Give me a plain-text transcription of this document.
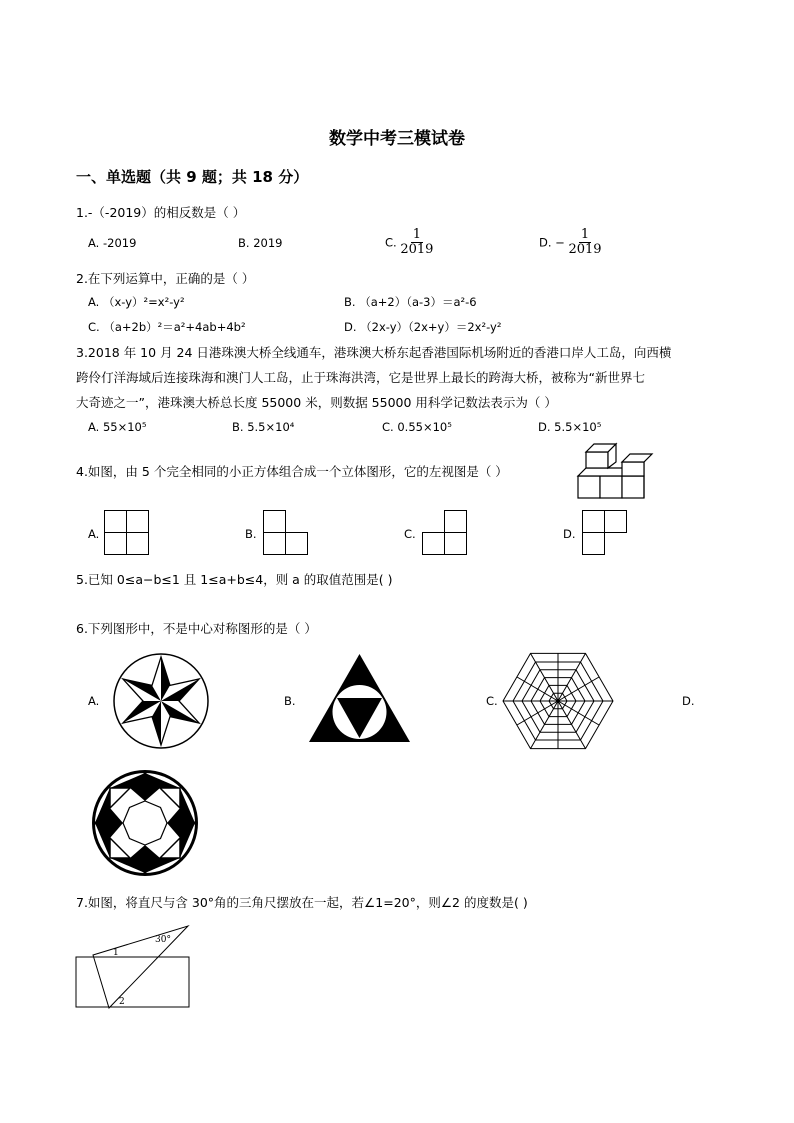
数学中考三模试卷
一、单选题（共 9 题；共 18 分）
1.-（-2019）的相反数是（ ）
A. -2019	B. 2019	C. $\frac{1}{2019}$	D. − $\frac{1}{2019}$
2.在下列运算中，正确的是（ ）
A. （x-y）²=x²-y²	B. （a+2）（a-3）＝a²-6
C. （a+2b）²＝a²+4ab+4b²	D. （2x-y）（2x+y）＝2x²-y²
3.2018 年 10 月 24 日港珠澳大桥全线通车，港珠澳大桥东起香港国际机场附近的香港口岸人工岛，向西横
跨伶仃洋海域后连接珠海和澳门人工岛，止于珠海洪湾，它是世界上最长的跨海大桥，被称为“新世界七
大奇迹之一”，港珠澳大桥总长度 55000 米，则数据 55000 用科学记数法表示为（ ）
A. 55×10⁵	B. 5.5×10⁴	C. 0.55×10⁵	D. 5.5×10⁵
4.如图，由 5 个完全相同的小正方体组合成一个立体图形，它的左视图是（ ）
A.	B.	C.	D.
5.已知 0≤a−b≤1 且 1≤a+b≤4，则 a 的取值范围是( )
6.下列图形中，不是中心对称图形的是（ ）
A.	B.	C.	D.
7.如图，将直尺与含 30°角的三角尺摆放在一起，若∠1=20°，则∠2 的度数是( )
30°
1
2
